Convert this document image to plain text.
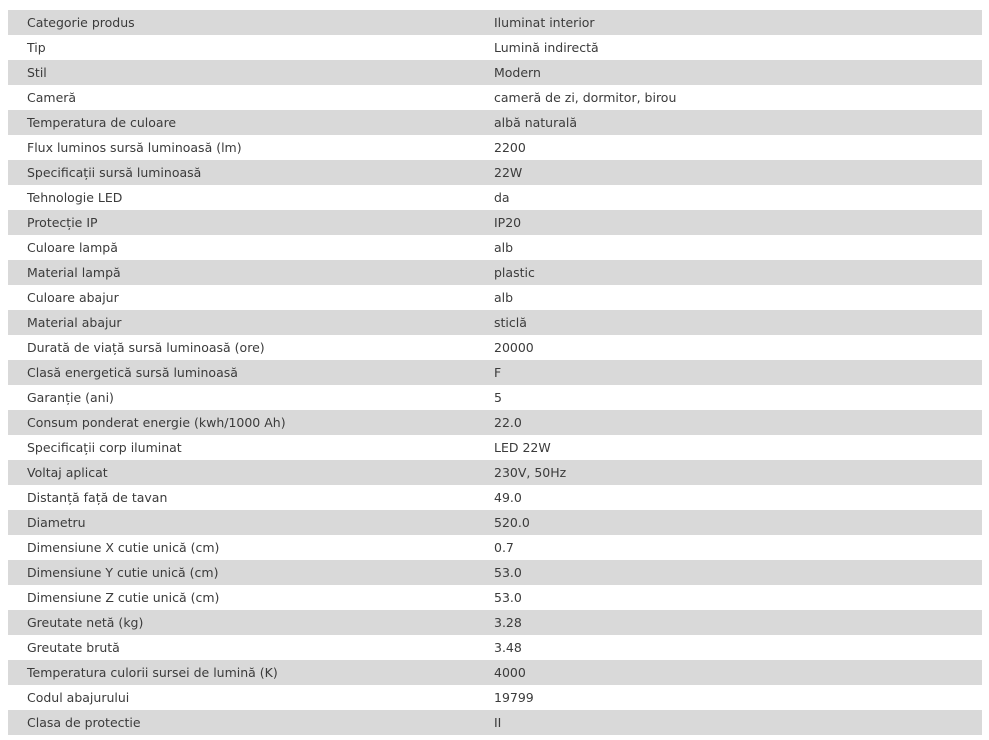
Categorie produs	Iluminat interior
Tip	Lumină indirectă
Stil	Modern
Cameră	cameră de zi, dormitor, birou
Temperatura de culoare	albă naturală
Flux luminos sursă luminoasă (lm)	2200
Specificații sursă luminoasă	22W
Tehnologie LED	da
Protecție IP	IP20
Culoare lampă	alb
Material lampă	plastic
Culoare abajur	alb
Material abajur	sticlă
Durată de viață sursă luminoasă (ore)	20000
Clasă energetică sursă luminoasă	F
Garanție (ani)	5
Consum ponderat energie (kwh/1000 Ah)	22.0
Specificații corp iluminat	LED 22W
Voltaj aplicat	230V, 50Hz
Distanță față de tavan	49.0
Diametru	520.0
Dimensiune X cutie unică (cm)	0.7
Dimensiune Y cutie unică (cm)	53.0
Dimensiune Z cutie unică (cm)	53.0
Greutate netă (kg)	3.28
Greutate brută	3.48
Temperatura culorii sursei de lumină (K)	4000
Codul abajurului	19799
Clasa de protectie	II
